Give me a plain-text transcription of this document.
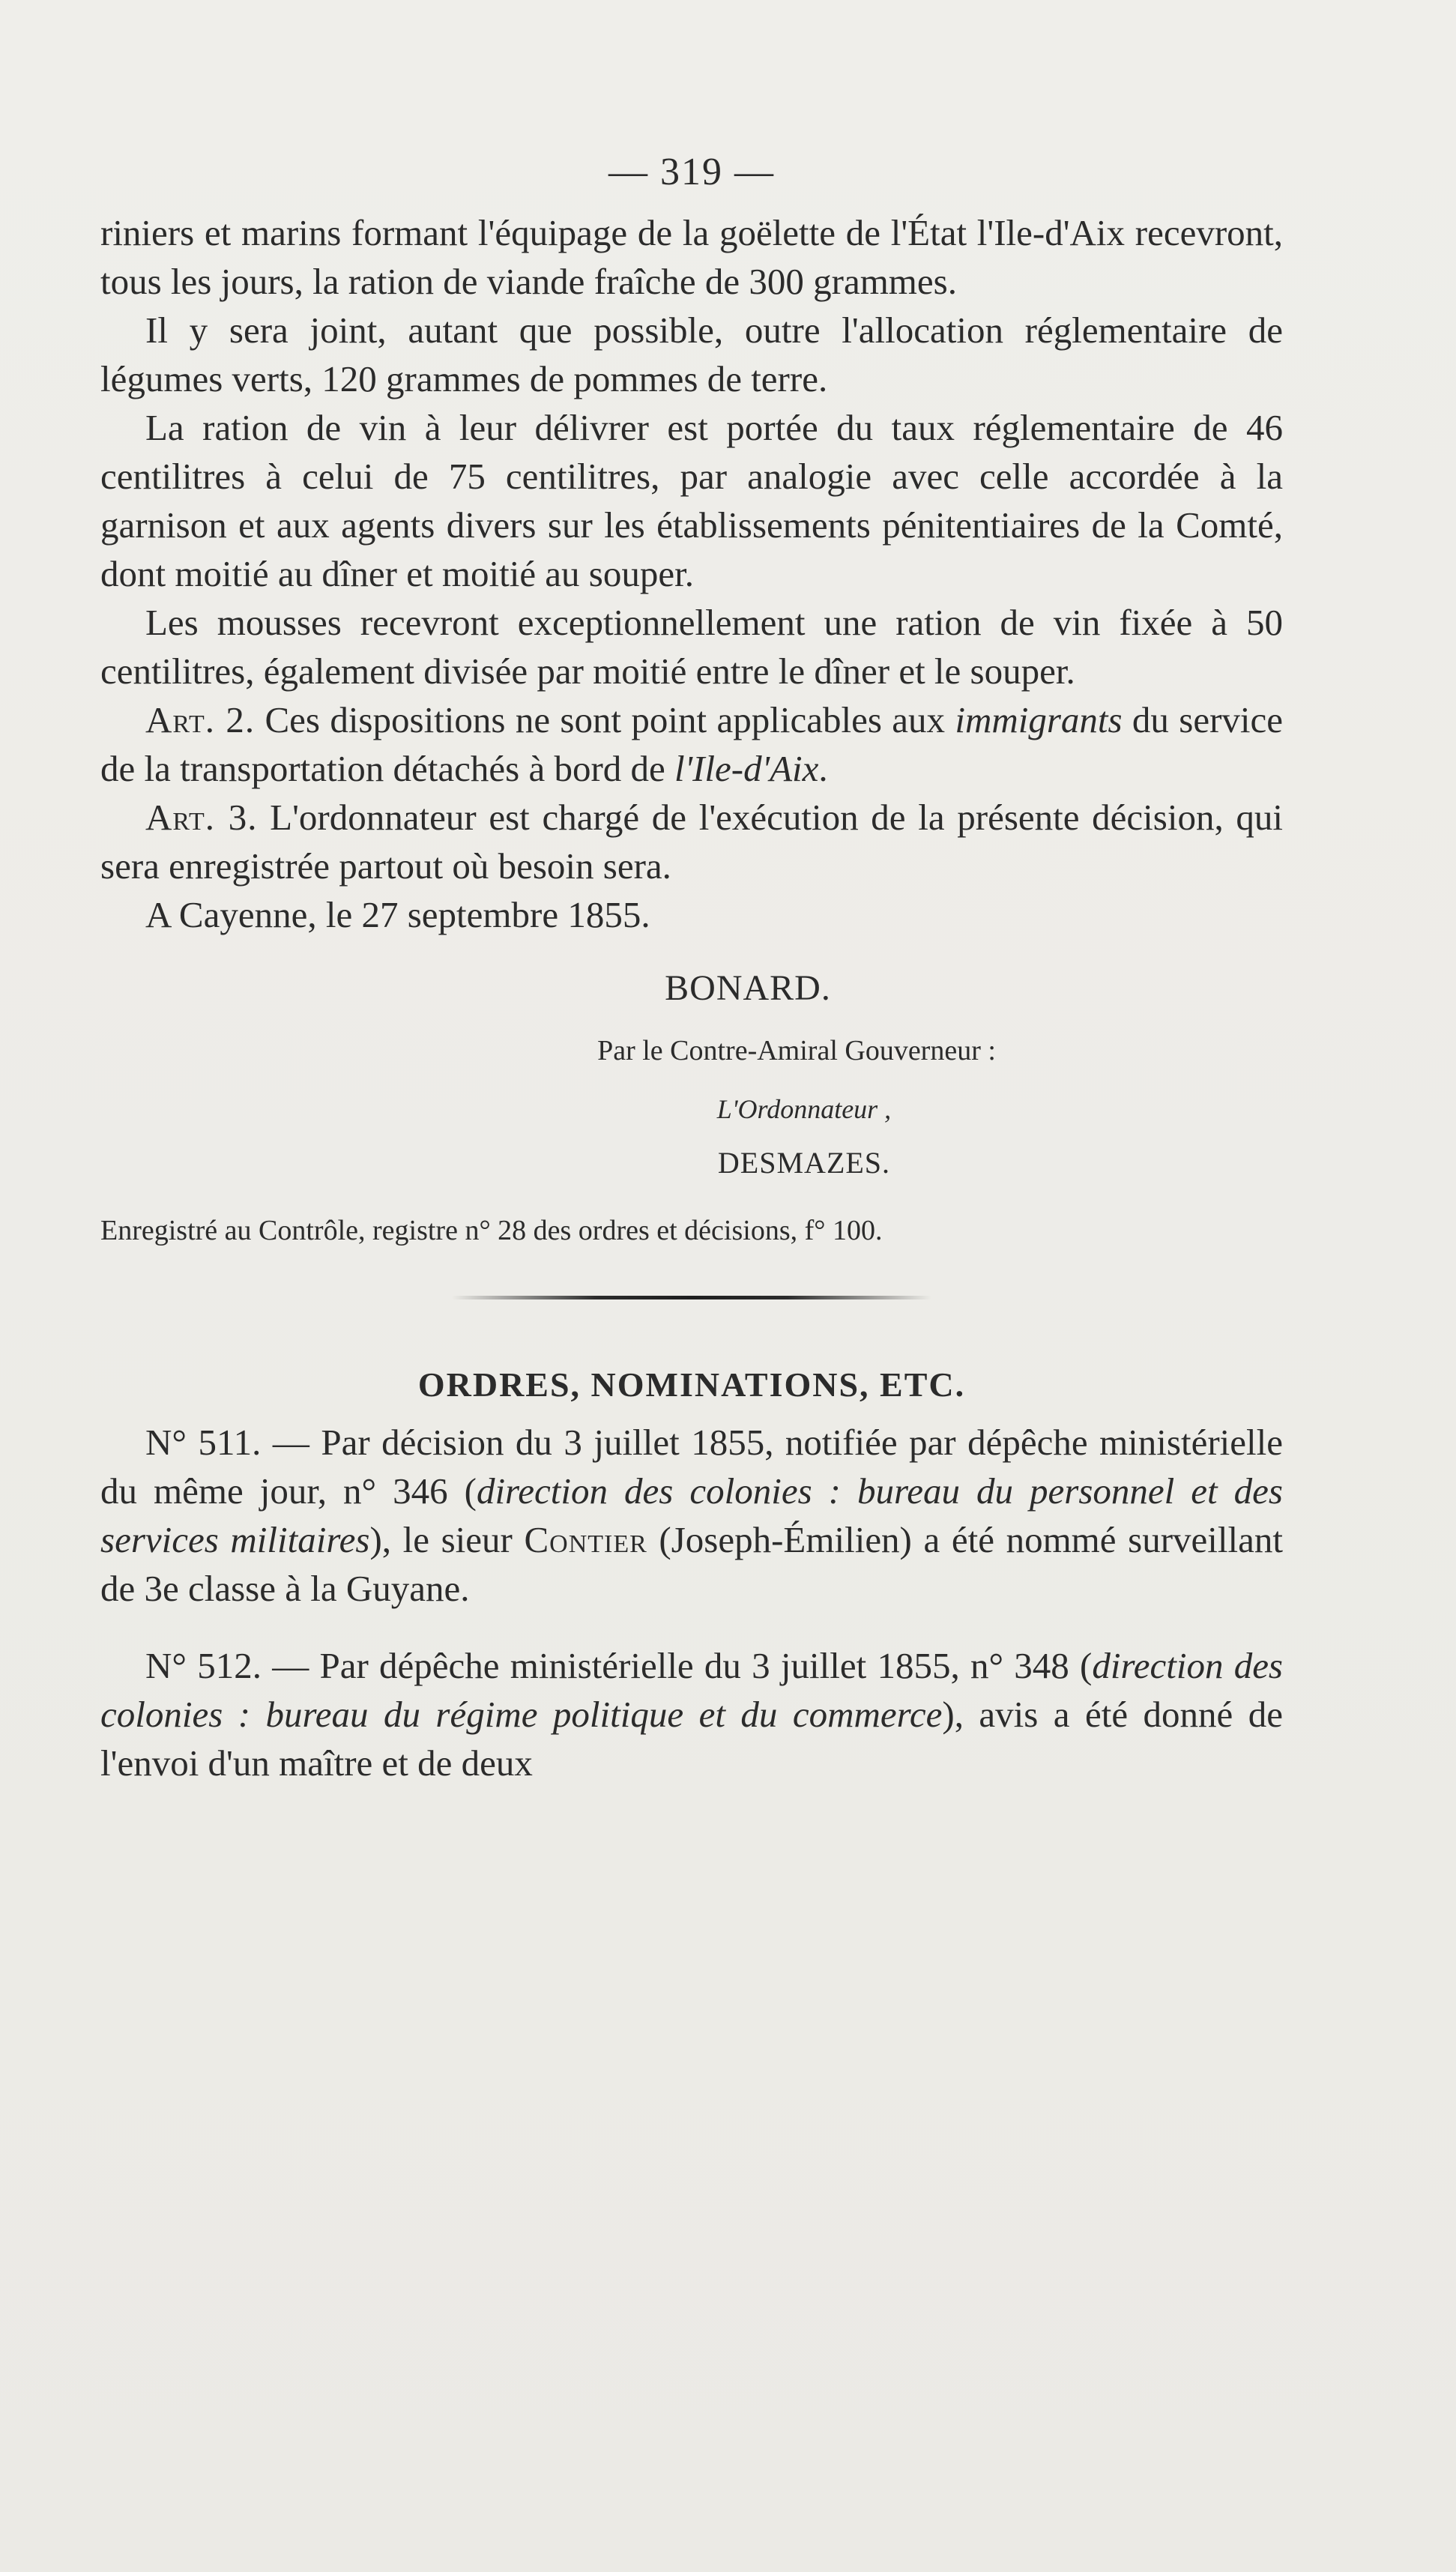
— 319 —

riniers et marins formant l'équipage de la goëlette de l'État l'Ile-d'Aix recevront, tous les jours, la ration de viande fraîche de 300 grammes.

Il y sera joint, autant que possible, outre l'allocation réglementaire de légumes verts, 120 grammes de pommes de terre.

La ration de vin à leur délivrer est portée du taux réglementaire de 46 centilitres à celui de 75 centilitres, par analogie avec celle accordée à la garnison et aux agents divers sur les établissements pénitentiaires de la Comté, dont moitié au dîner et moitié au souper.

Les mousses recevront exceptionnellement une ration de vin fixée à 50 centilitres, également divisée par moitié entre le dîner et le souper.

Art. 2. Ces dispositions ne sont point applicables aux immigrants du service de la transportation détachés à bord de l'Ile-d'Aix.

Art. 3. L'ordonnateur est chargé de l'exécution de la présente décision, qui sera enregistrée partout où besoin sera.

A Cayenne, le 27 septembre 1855.

BONARD.
Par le Contre-Amiral Gouverneur :
L'Ordonnateur ,
DESMAZES.
Enregistré au Contrôle, registre n° 28 des ordres et décisions, f° 100.
ORDRES, NOMINATIONS, ETC.

N° 511. — Par décision du 3 juillet 1855, notifiée par dépêche ministérielle du même jour, n° 346 (direction des colonies : bureau du personnel et des services militaires), le sieur Contier (Joseph-Émilien) a été nommé surveillant de 3e classe à la Guyane.

N° 512. — Par dépêche ministérielle du 3 juillet 1855, n° 348 (direction des colonies : bureau du régime politique et du commerce), avis a été donné de l'envoi d'un maître et de deux
